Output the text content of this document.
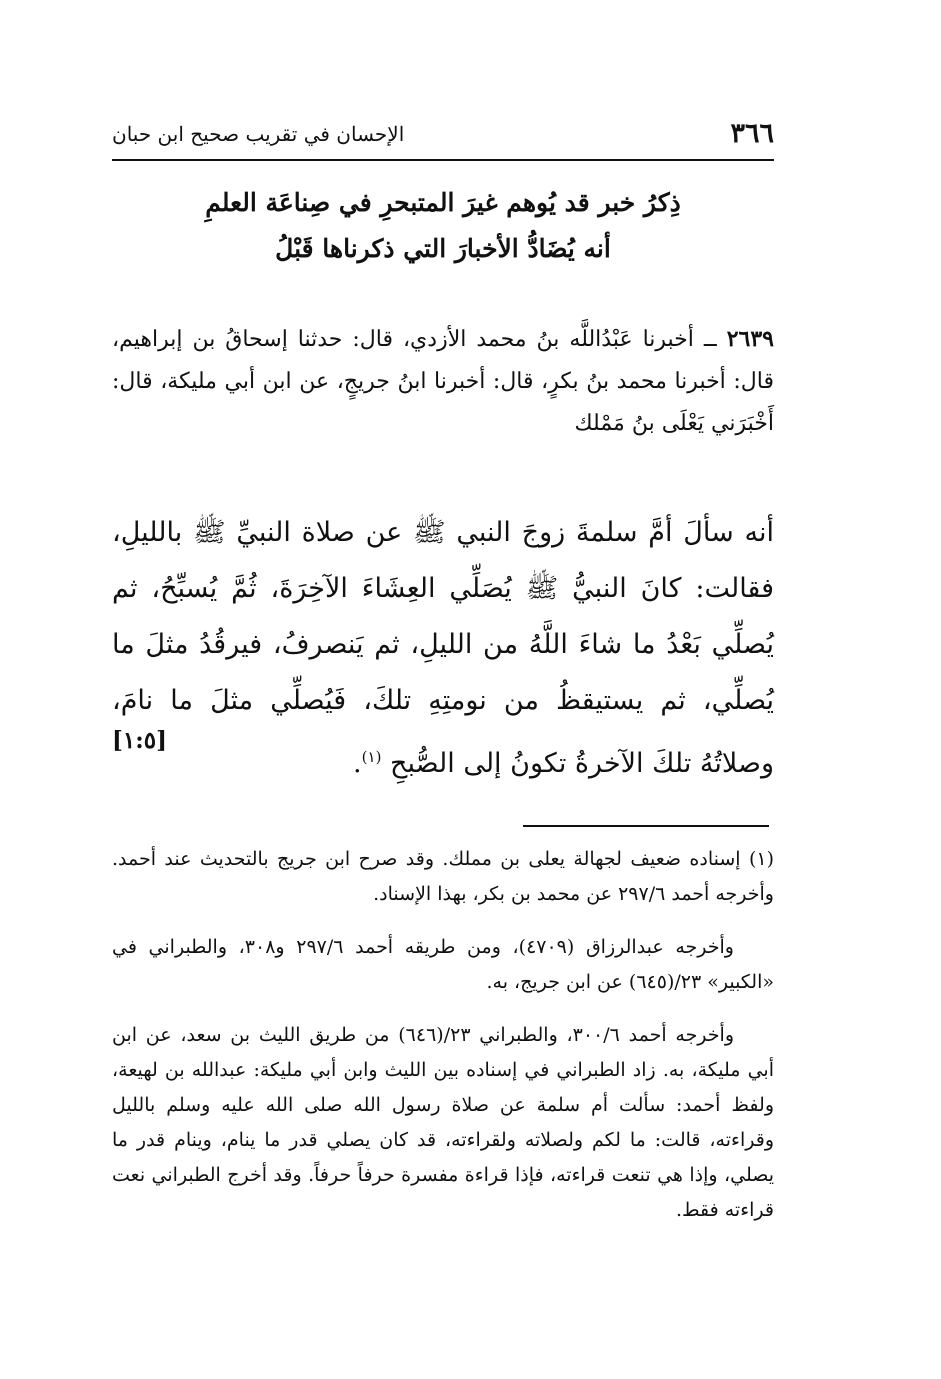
٣٦٦
الإحسان في تقريب صحيح ابن حبان
ذِكرُ خبر قد يُوهم غيرَ المتبحرِ في صِناعَة العلمِ
أنه يُضَادُّ الأخبارَ التي ذكرناها قَبْلُ
٢٦٣٩ ــ أخبرنا عَبْدُاللَّه بنُ محمد الأزدي، قال: حدثنا إسحاقُ بن إبراهيم، قال: أخبرنا محمد بنُ بكرٍ، قال: أخبرنا ابنُ جريجٍ، عن ابن أبي مليكة، قال: أَخْبَرَني يَعْلَى بنُ مَمْلك
أنه سألَ أمَّ سلمةَ زوجَ النبي ﷺ عن صلاة النبيِّ ﷺ بالليلِ، فقالت: كانَ النبيُّ ﷺ يُصَلِّي العِشَاءَ الآخِرَةَ، ثُمَّ يُسبِّحُ، ثم يُصلِّي بَعْدُ ما شاءَ اللَّهُ من الليلِ، ثم يَنصرفُ، فيرقُدُ مثلَ ما يُصلِّي، ثم يستيقظُ من نومتِهِ تلكَ، فَيُصلِّي مثلَ ما نامَ، وصلاتُهُ تلكَ الآخرةُ تكونُ إلى الصُّبحِ $^{(١)}$.
[١:٥]

(١) إسناده ضعيف لجهالة يعلى بن مملك. وقد صرح ابن جريج بالتحديث عند أحمد. وأخرجه أحمد ٢٩٧/٦ عن محمد بن بكر، بهذا الإسناد.

وأخرجه عبدالرزاق (٤٧٠٩)، ومن طريقه أحمد ٢٩٧/٦ و٣٠٨، والطبراني في «الكبير» ٢٣/(٦٤٥) عن ابن جريج، به.

وأخرجه أحمد ٣٠٠/٦، والطبراني ٢٣/(٦٤٦) من طريق الليث بن سعد، عن ابن أبي مليكة، به. زاد الطبراني في إسناده بين الليث وابن أبي مليكة: عبدالله بن لهيعة، ولفظ أحمد: سألت أم سلمة عن صلاة رسول الله صلى الله عليه وسلم بالليل وقراءته، قالت: ما لكم ولصلاته ولقراءته، قد كان يصلي قدر ما ينام، وينام قدر ما يصلي، وإذا هي تنعت قراءته، فإذا قراءة مفسرة حرفاً حرفاً. وقد أخرج الطبراني نعت قراءته فقط.
